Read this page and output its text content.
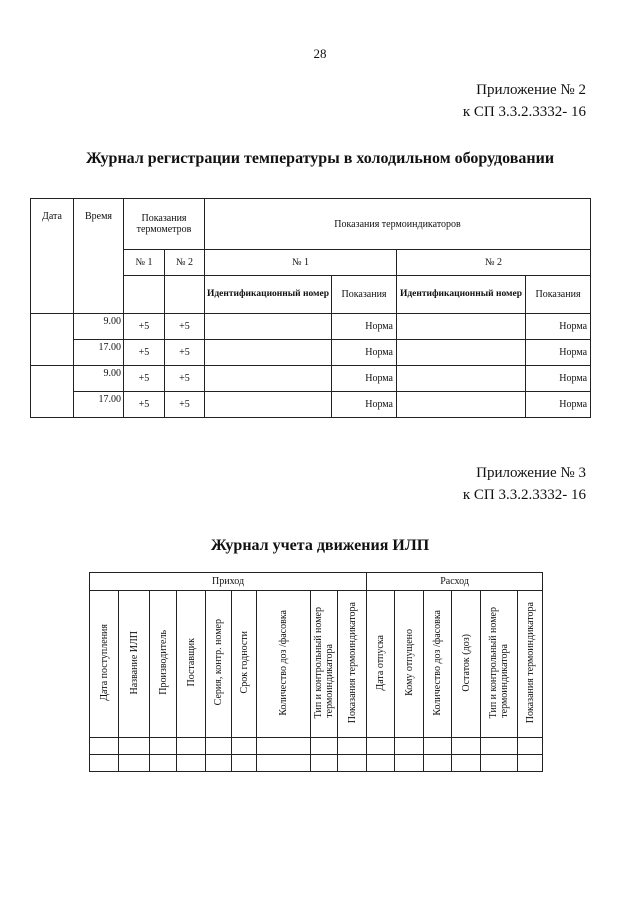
28
Приложение № 2
к СП 3.3.2.3332- 16
Журнал регистрации температуры в холодильном оборудовании
Дата	Время	Показания термометров		Показания термоиндикаторов			
		№ 1	№ 2	№ 1		№ 2	
				Идентификационный номер	Показания	Идентификационный номер	Показания
	9.00	+5	+5		Норма		Норма
	17.00	+5	+5		Норма		Норма
	9.00	+5	+5		Норма		Норма
	17.00	+5	+5		Норма		Норма
Приложение № 3
к СП 3.3.2.3332- 16
Журнал учета движения ИЛП
Приход									Расход					
Дата поступления	Название ИЛП	Производитель	Поставщик	Серия, контр. номер	Срок годности	Количество доз /фасовка	Тип и контрольный номертермоиндикатора	Показания термоиндикатора	Дата отпуска	Кому отпущено	Количество доз /фасовка	Остаток (доз)	Тип и контрольный номертермоиндикатора	Показания термоиндикатора
